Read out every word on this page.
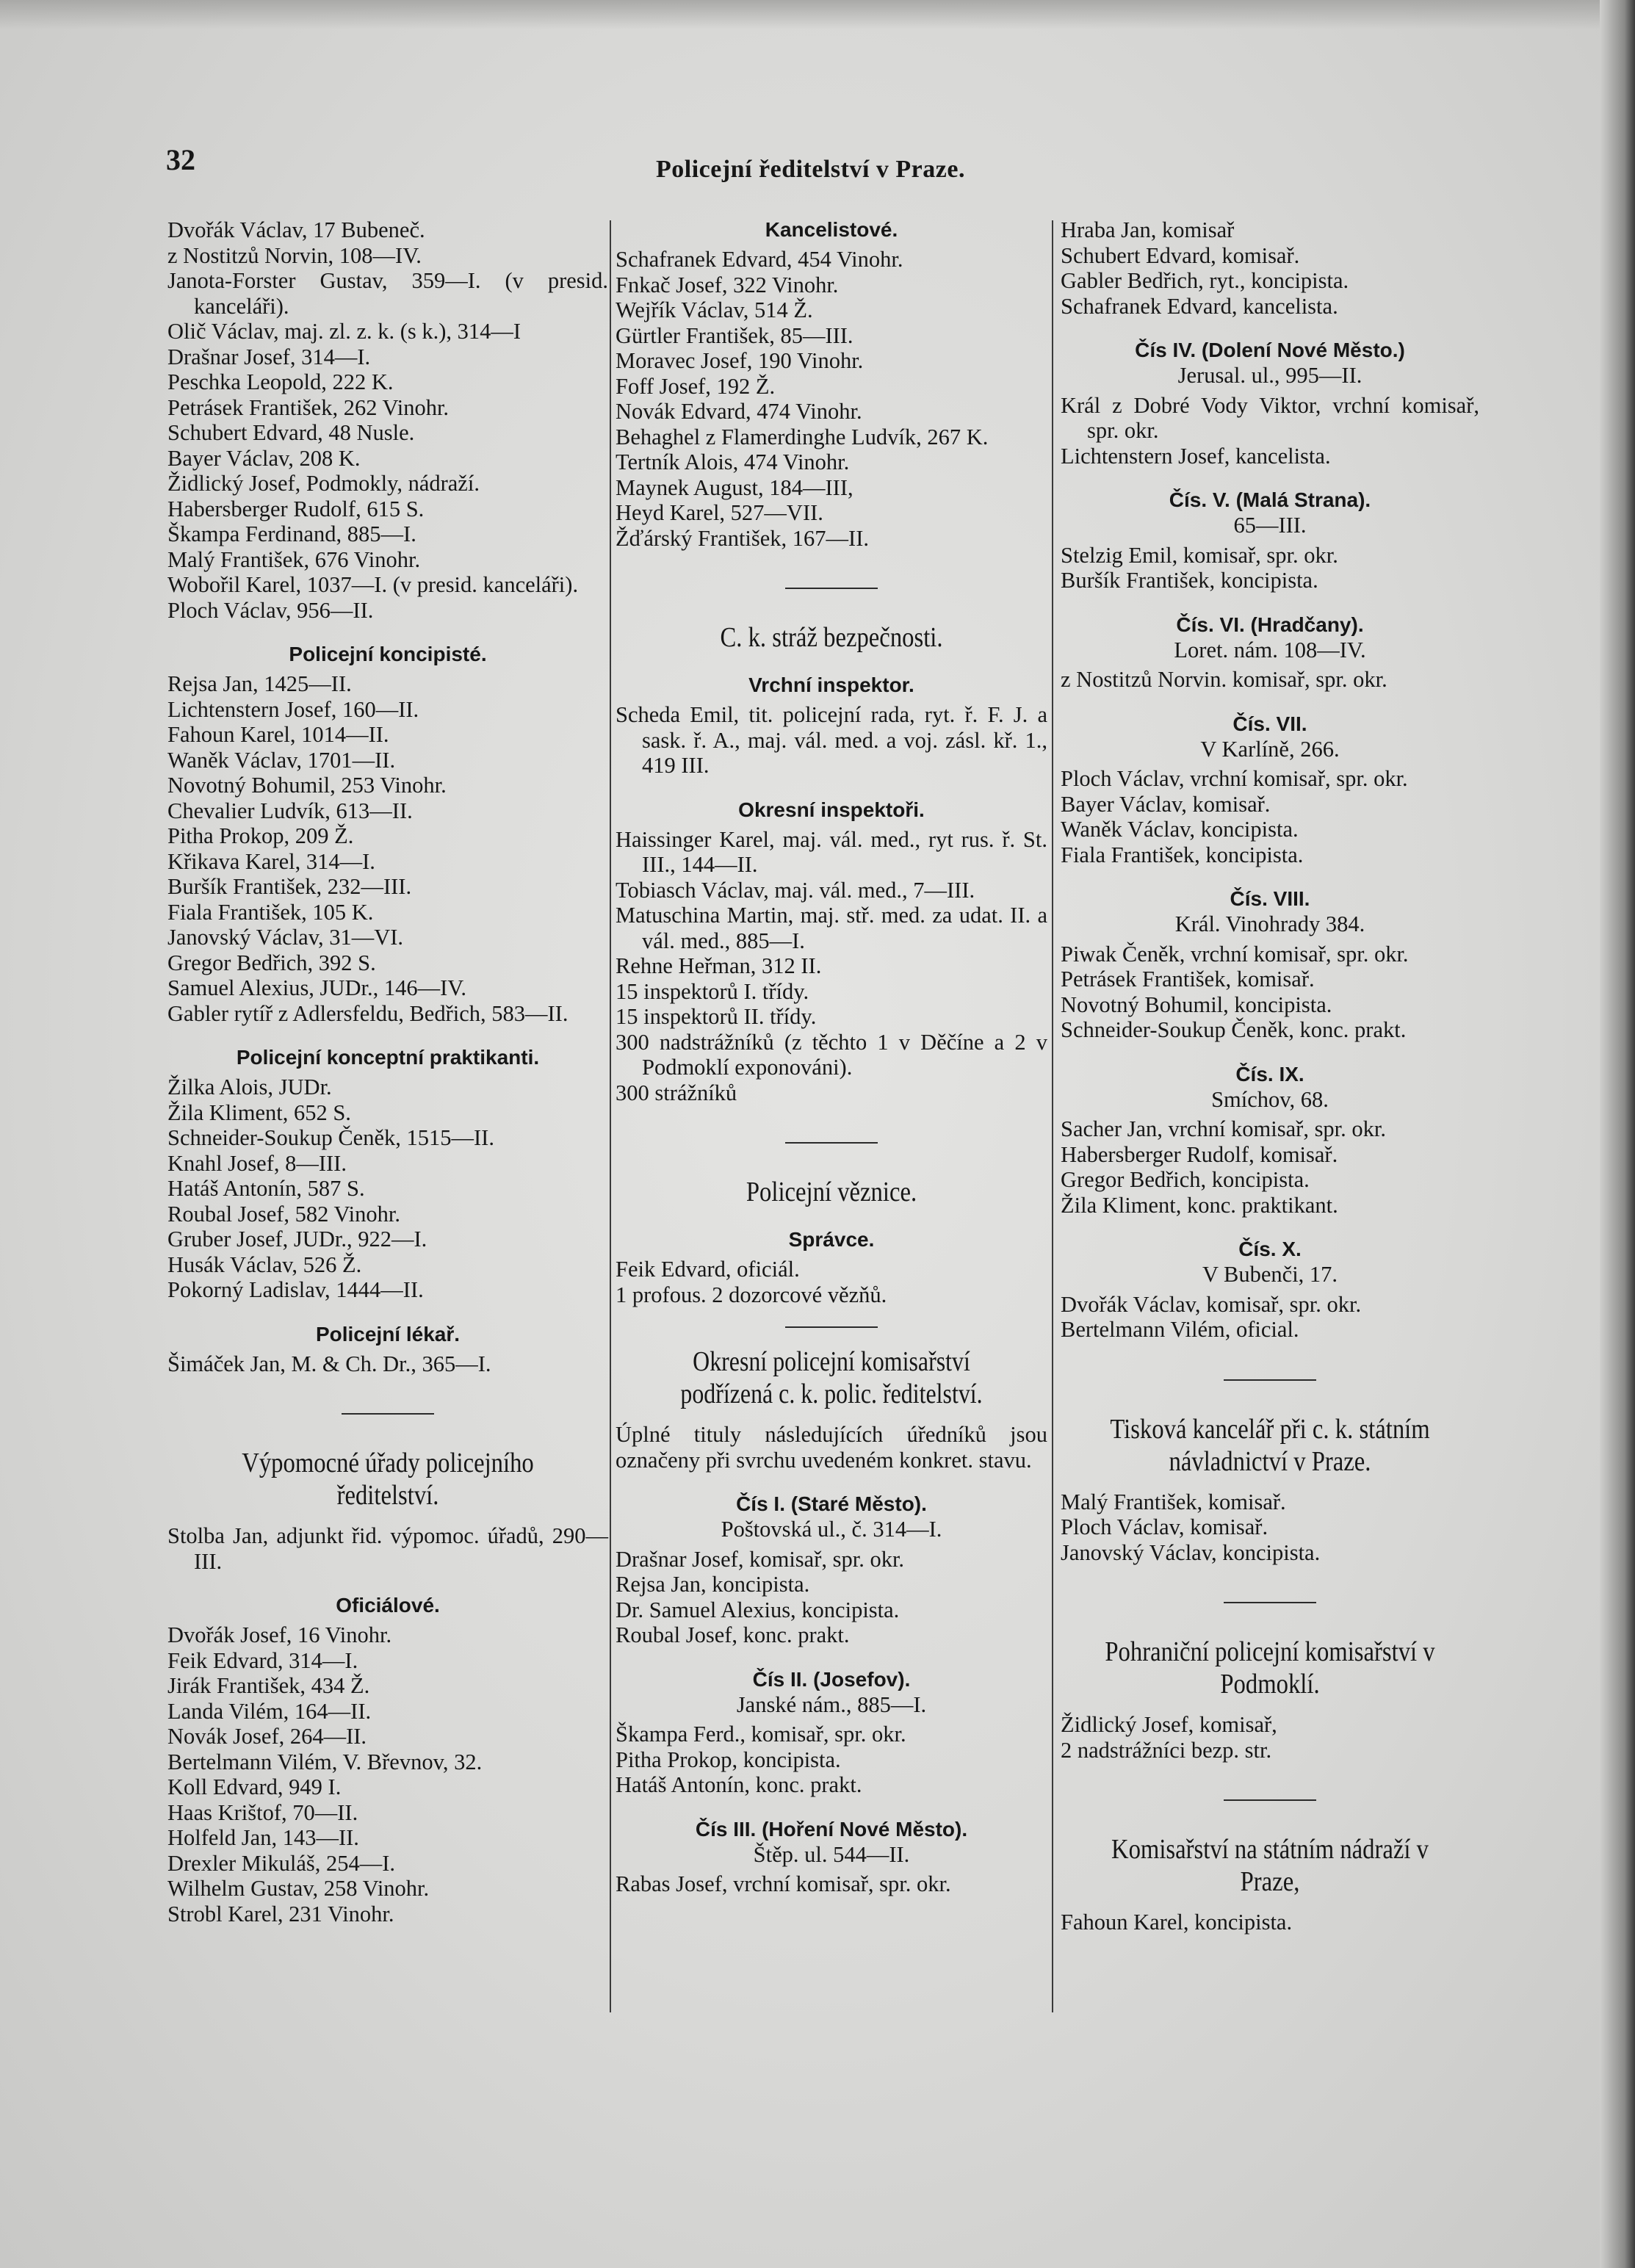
32	Policejní ředitelství v Praze.
Dvořák Václav, 17 Bubeneč.
z Nostitzů Norvin, 108—IV.
Janota-Forster Gustav, 359—I. (v presid. kanceláři).
Olič Václav, maj. zl. z. k. (s k.), 314—I
Drašnar Josef, 314—I.
Peschka Leopold, 222 K.
Petrásek František, 262 Vinohr.
Schubert Edvard, 48 Nusle.
Bayer Václav, 208 K.
Židlický Josef, Podmokly, nádraží.
Habersberger Rudolf, 615 S.
Škampa Ferdinand, 885—I.
Malý František, 676 Vinohr.
Wobořil Karel, 1037—I. (v presid. kanceláři).
Ploch Václav, 956—II.
Policejní koncipisté.
Rejsa Jan, 1425—II.
Lichtenstern Josef, 160—II.
Fahoun Karel, 1014—II.
Waněk Václav, 1701—II.
Novotný Bohumil, 253 Vinohr.
Chevalier Ludvík, 613—II.
Pitha Prokop, 209 Ž.
Křikava Karel, 314—I.
Buršík František, 232—III.
Fiala František, 105 K.
Janovský Václav, 31—VI.
Gregor Bedřich, 392 S.
Samuel Alexius, JUDr., 146—IV.
Gabler rytíř z Adlersfeldu, Bedřich, 583—II.
Policejní konceptní praktikanti.
Žilka Alois, JUDr.
Žila Kliment, 652 S.
Schneider-Soukup Čeněk, 1515—II.
Knahl Josef, 8—III.
Hatáš Antonín, 587 S.
Roubal Josef, 582 Vinohr.
Gruber Josef, JUDr., 922—I.
Husák Václav, 526 Ž.
Pokorný Ladislav, 1444—II.
Policejní lékař.
Šimáček Jan, M. & Ch. Dr., 365—I.
Výpomocné úřady policejního ředitelství.
Stolba Jan, adjunkt řid. výpomoc. úřadů, 290—III.
Oficiálové.
Dvořák Josef, 16 Vinohr.
Feik Edvard, 314—I.
Jirák František, 434 Ž.
Landa Vilém, 164—II.
Novák Josef, 264—II.
Bertelmann Vilém, V. Břevnov, 32.
Koll Edvard, 949 I.
Haas Krištof, 70—II.
Holfeld Jan, 143—II.
Drexler Mikuláš, 254—I.
Wilhelm Gustav, 258 Vinohr.
Strobl Karel, 231 Vinohr.
Kancelistové.
Schafranek Edvard, 454 Vinohr.
Fnkač Josef, 322 Vinohr.
Wejřík Václav, 514 Ž.
Gürtler František, 85—III.
Moravec Josef, 190 Vinohr.
Foff Josef, 192 Ž.
Novák Edvard, 474 Vinohr.
Behaghel z Flamerdinghe Ludvík, 267 K.
Tertník Alois, 474 Vinohr.
Maynek August, 184—III,
Heyd Karel, 527—VII.
Žďárský František, 167—II.
C. k. stráž bezpečnosti.
Vrchní inspektor.
Scheda Emil, tit. policejní rada, ryt. ř. F. J. a sask. ř. A., maj. vál. med. a voj. zásl. kř. 1., 419 III.
Okresní inspektoři.
Haissinger Karel, maj. vál. med., ryt rus. ř. St. III., 144—II.
Tobiasch Václav, maj. vál. med., 7—III.
Matuschina Martin, maj. stř. med. za udat. II. a vál. med., 885—I.
Rehne Heřman, 312 II.
15 inspektorů I. třídy.
15 inspektorů II. třídy.
300 nadstrážníků (z těchto 1 v Děčíne a 2 v Podmoklí exponováni).
300 strážníků
Policejní věznice.
Správce.
Feik Edvard, oficiál.
1 profous. 2 dozorcové vězňů.
Okresní policejní komisařství podřízená c. k. polic. ředitelství.
Úplné tituly následujících úředníků jsou označeny při svrchu uvedeném konkret. stavu.
Čís I. (Staré Město).
Poštovská ul., č. 314—I.
Drašnar Josef, komisař, spr. okr.
Rejsa Jan, koncipista.
Dr. Samuel Alexius, koncipista.
Roubal Josef, konc. prakt.
Čís II. (Josefov).
Janské nám., 885—I.
Škampa Ferd., komisař, spr. okr.
Pitha Prokop, koncipista.
Hatáš Antonín, konc. prakt.
Čís III. (Hoření Nové Město).
Štěp. ul. 544—II.
Rabas Josef, vrchní komisař, spr. okr.
Hraba Jan, komisař
Schubert Edvard, komisař.
Gabler Bedřich, ryt., koncipista.
Schafranek Edvard, kancelista.
Čís IV. (Dolení Nové Město.)
Jerusal. ul., 995—II.
Král z Dobré Vody Viktor, vrchní komisař, spr. okr.
Lichtenstern Josef, kancelista.
Čís. V. (Malá Strana).
65—III.
Stelzig Emil, komisař, spr. okr.
Buršík František, koncipista.
Čís. VI. (Hradčany).
Loret. nám. 108—IV.
z Nostitzů Norvin. komisař, spr. okr.
Čís. VII.
V Karlíně, 266.
Ploch Václav, vrchní komisař, spr. okr.
Bayer Václav, komisař.
Waněk Václav, koncipista.
Fiala František, koncipista.
Čís. VIII.
Král. Vinohrady 384.
Piwak Čeněk, vrchní komisař, spr. okr.
Petrásek František, komisař.
Novotný Bohumil, koncipista.
Schneider-Soukup Čeněk, konc. prakt.
Čís. IX.
Smíchov, 68.
Sacher Jan, vrchní komisař, spr. okr.
Habersberger Rudolf, komisař.
Gregor Bedřich, koncipista.
Žila Kliment, konc. praktikant.
Čís. X.
V Bubenči, 17.
Dvořák Václav, komisař, spr. okr.
Bertelmann Vilém, oficial.
Tisková kancelář při c. k. státním návladnictví v Praze.
Malý František, komisař.
Ploch Václav, komisař.
Janovský Václav, koncipista.
Pohraniční policejní komisařství v Podmoklí.
Židlický Josef, komisař,
2 nadstrážníci bezp. str.
Komisařství na státním nádraží v Praze,
Fahoun Karel, koncipista.
